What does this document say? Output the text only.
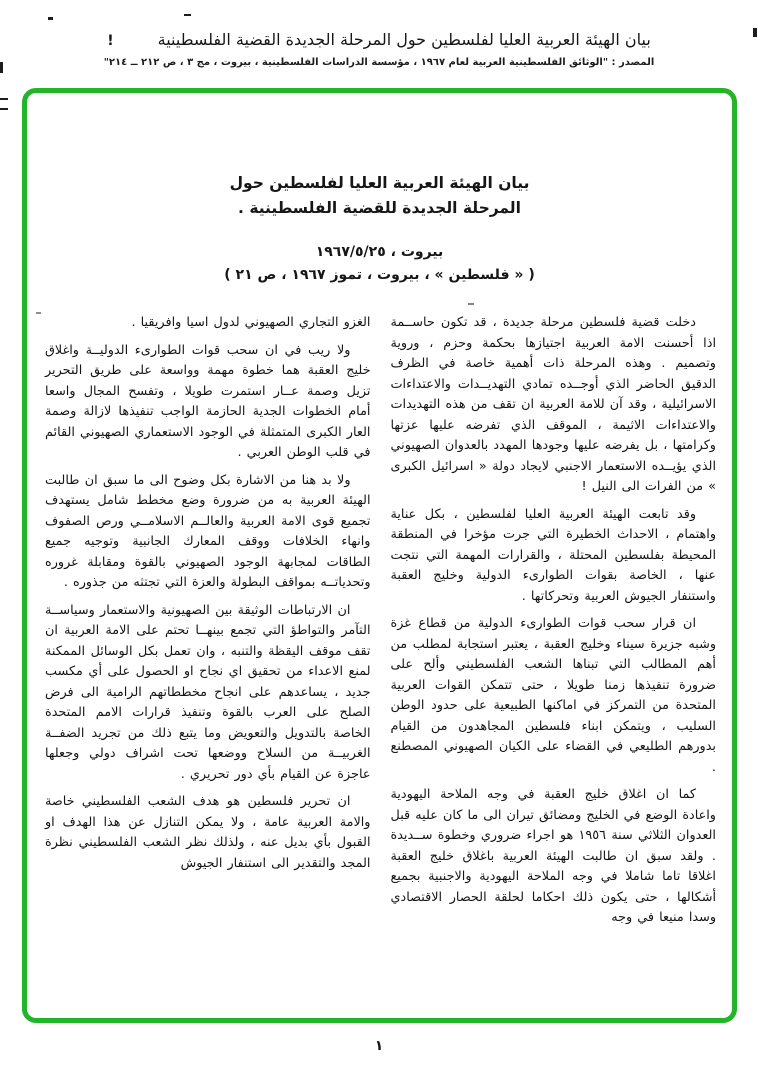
بيان الهيئة العربية العليا لفلسطين حول المرحلة الجديدة القضية الفلسطينية!
المصدر : "الوثائق الفلسطينية العربية لعام ١٩٦٧ ، مؤسسة الدراسات الفلسطينية ، بيروت ، مج ٣ ، ص ٢١٢ ــ ٢١٤"
بيان الهيئة العربية العليا لفلسطين حول
المرحلة الجديدة للقضية الفلسطينية .
بيروت ، ١٩٦٧/٥/٢٥
( « فلسطين » ، بيروت ، تموز ١٩٦٧ ، ص ٢١ )

دخلت قضية فلسطين مرحلة جديدة ، قد تكون حاســمة اذا أحسنت الامة العربية اجتيازها بحكمة وحزم ، وروية وتصميم . وهذه المرحلة ذات أهمية خاصة في الظرف الدقيق الحاضر الذي أوجــده تمادي التهديــدات والاعتداءات الاسرائيلية ، وقد آن للامة العربية ان تقف من هذه التهديدات والاعتداءات الاثيمة ، الموقف الذي تفرضه عليها عزتها وكرامتها ، بل يفرضه عليها وجودها المهدد بالعدوان الصهيوني الذي يؤيــده الاستعمار الاجنبي لايجاد دولة « اسرائيل الكبرى » من الفرات الى النيل !

وقد تابعت الهيئة العربية العليا لفلسطين ، بكل عناية واهتمام ، الاحداث الخطيرة التي جرت مؤخرا في المنطقة المحيطة بفلسطين المحتلة ، والقرارات المهمة التي نتجت عنها ، الخاصة بقوات الطوارىء الدولية وخليج العقبة واستنفار الجيوش العربية وتحركاتها .

ان قرار سحب قوات الطوارىء الدولية من قطاع غزة وشبه جزيرة سيناء وخليج العقبة ، يعتبر استجابة لمطلب من أهم المطالب التي تبناها الشعب الفلسطيني وألح على ضرورة تنفيذها زمنا طويلا ، حتى تتمكن القوات العربية المتحدة من التمركز في اماكنها الطبيعية على حدود الوطن السليب ، ويتمكن ابناء فلسطين المجاهدون من القيام بدورهم الطليعي في القضاء على الكيان الصهيوني المصطنع .

كما ان اغلاق خليج العقبة في وجه الملاحة اليهودية واعادة الوضع في الخليج ومضائق تيران الى ما كان عليه قبل العدوان الثلاثي سنة ١٩٥٦ هو اجراء ضروري وخطوة ســديدة . ولقد سبق ان طالبت الهيئة العربية باغلاق خليج العقبة اغلاقا تاما شاملا في وجه الملاحة اليهودية والاجنبية بجميع أشكالها ، حتى يكون ذلك احكاما لحلقة الحصار الاقتصادي وسدا منيعا في وجه

الغزو التجاري الصهيوني لدول اسيا وافريقيا .

ولا ريب في ان سحب قوات الطوارىء الدوليــة واغلاق خليج العقبة هما خطوة مهمة وواسعة على طريق التحرير تزيل وصمة عــار استمرت طويلا ، وتفسح المجال واسعا أمام الخطوات الجدية الحازمة الواجب تنفيذها لازالة وصمة العار الكبرى المتمثلة في الوجود الاستعماري الصهيوني القائم في قلب الوطن العربي .

ولا بد هنا من الاشارة بكل وضوح الى ما سبق ان طالبت الهيئة العربية به من ضرورة وضع مخطط شامل يستهدف تجميع قوى الامة العربية والعالــم الاسلامــي ورص الصفوف وانهاء الخلافات ووقف المعارك الجانبية وتوجيه جميع الطاقات لمجابهة الوجود الصهيوني بالقوة ومقابلة غروره وتحدياتــه بمواقف البطولة والعزة التي تجتثه من جذوره .

ان الارتباطات الوثيقة بين الصهيونية والاستعمار وسياســة التآمر والتواطؤ التي تجمع بينهــا تحتم على الامة العربية ان تقف موقف اليقظة والتنبه ، وان تعمل بكل الوسائل الممكنة لمنع الاعداء من تحقيق اي نجاح او الحصول على أي مكسب جديد ، يساعدهم على انجاح مخططاتهم الرامية الى فرض الصلح على العرب بالقوة وتنفيذ قرارات الامم المتحدة الخاصة بالتدويل والتعويض وما يتبع ذلك من تجريد الضفــة الغربيــة من السلاح ووضعها تحت اشراف دولي وجعلها عاجزة عن القيام بأي دور تحريري .

ان تحرير فلسطين هو هدف الشعب الفلسطيني خاصة والامة العربية عامة ، ولا يمكن التنازل عن هذا الهدف او القبول بأي بديل عنه ، ولذلك نظر الشعب الفلسطيني نظرة المجد والتقدير الى استنفار الجيوش

١
